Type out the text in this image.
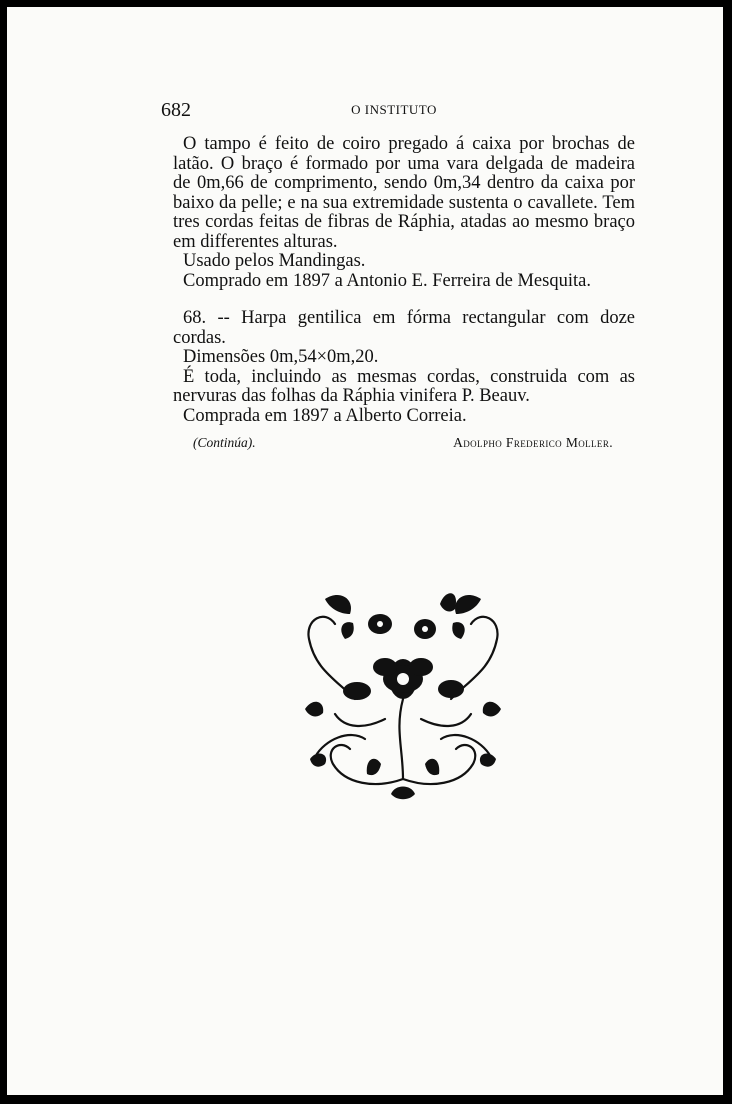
682	O INSTITUTO
O tampo é feito de coiro pregado á caixa por brochas de
latão. O braço é formado por uma vara delgada de madeira
de 0m,66 de comprimento, sendo 0m,34 dentro da caixa por
baixo da pelle; e na sua extremidade sustenta o cavallete. Tem
tres cordas feitas de fibras de Ráphia, atadas ao mesmo braço
em differentes alturas.
Usado pelos Mandingas.
Comprado em 1897 a Antonio E. Ferreira de Mesquita.
68. -- Harpa gentilica em fórma rectangular com doze
cordas.
Dimensões 0m,54×0m,20.
É toda, incluindo as mesmas cordas, construida com as
nervuras das folhas da Ráphia vinifera P. Beauv.
Comprada em 1897 a Alberto Correia.
(Continúa).	Adolpho Frederico Moller.
